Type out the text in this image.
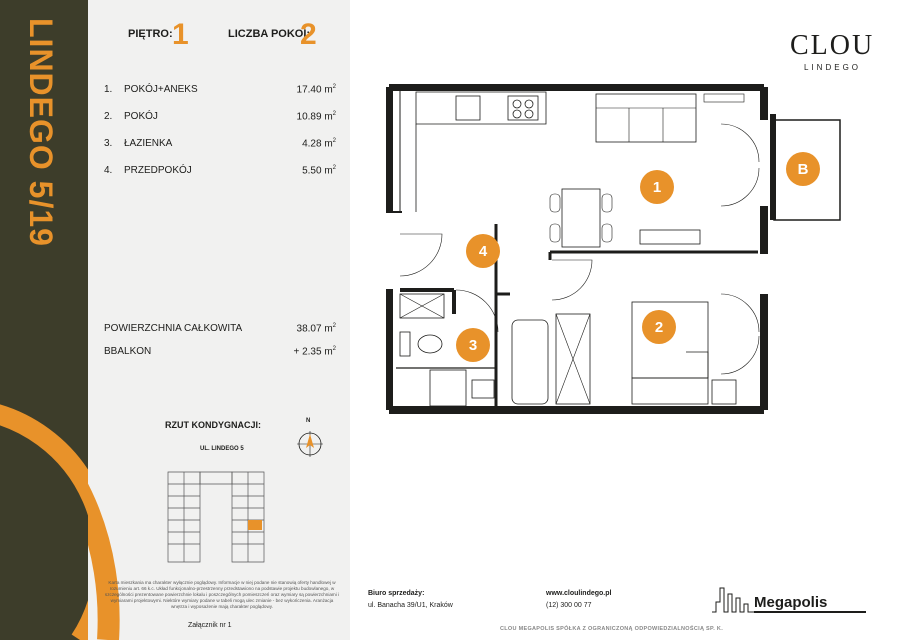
LINDEGO 5/19	PIĘTRO: 1	LICZBA POKOI:
2
1. POKÓJ+ANEKS	17.40 $m^2$
2. POKÓJ	10.89 $m^2$
3. ŁAZIENKA	4.28 $m^2$
4. PRZEDPOKÓJ	5.50 $m^2$
POWIERZCHNIA CAŁKOWITA	38.07 $m^2$
BBALKON	+ 2.35 $m^2$
RZUT KONDYGNACJI:
UL. LINDEGO 5
N
Karta mieszkania ma charakter wyłącznie poglądowy. Informacje w niej podane nie stanowią oferty handlowej w rozumieniu art. 66 k.c. Układ funkcjonalno-przestrzenny przedstawiono na podstawie projektu budowlanego, w szczególności prezentowane powierzchnie lokalu i poszczególnych pomieszczeń oraz wymiary są powierzchniami i wymiarami projektowymi. Niektóre wymiary podane w tabeli mogą ulec zmianie - bez wykończenia. Aranżacja wnętrza i wyposażenie mają charakter poglądowy.
Załącznik nr 1
CLOU
LINDEGO
1
2
3
4
B
Biuro sprzedaży:
ul. Banacha 39/U1, Kraków
www.cloulindego.pl
(12) 300 00 77	Megapolis
CLOU MEGAPOLIS SPÓŁKA Z OGRANICZONĄ ODPOWIEDZIALNOŚCIĄ SP. K.
